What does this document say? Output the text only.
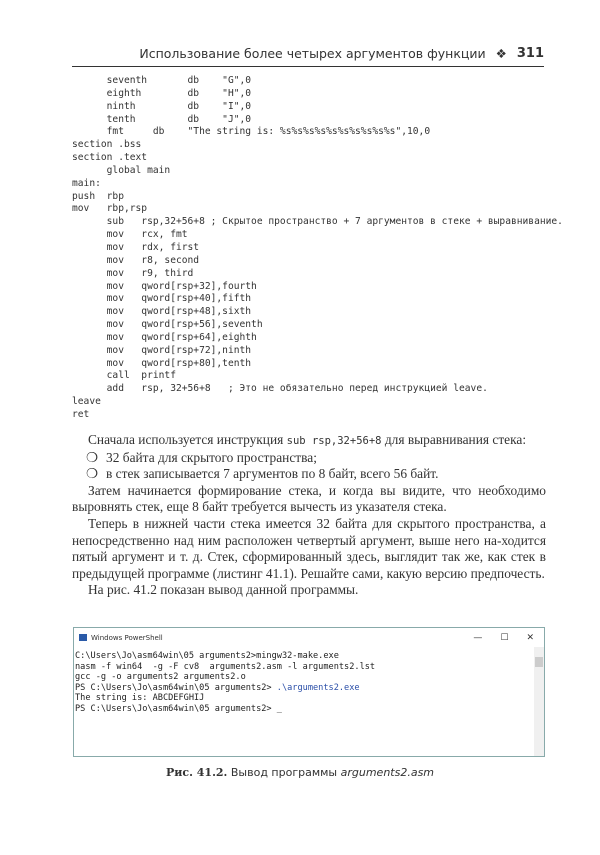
Использование более четырех аргументов функции ❖ 311
seventh       db    "G",0
eighth        db    "H",0
ninth         db    "I",0
tenth         db    "J",0
fmt     db    "The string is: %s%s%s%s%s%s%s%s%s%s",10,0
section .bss
section .text
global main
main:
push  rbp
mov   rbp,rsp
sub   rsp,32+56+8 ; Скрытое пространство + 7 аргументов в стеке + выравнивание.
mov   rcx, fmt
mov   rdx, first
mov   r8, second
mov   r9, third
mov   qword[rsp+32],fourth
mov   qword[rsp+40],fifth
mov   qword[rsp+48],sixth
mov   qword[rsp+56],seventh
mov   qword[rsp+64],eighth
mov   qword[rsp+72],ninth
mov   qword[rsp+80],tenth
call  printf
add   rsp, 32+56+8   ; Это не обязательно перед инструкцией leave.
leave
ret

Сначала используется инструкция sub rsp,32+56+8 для выравнивания стека:

❍ 32 байта для скрытого пространства;

❍ в стек записывается 7 аргументов по 8 байт, всего 56 байт.

Затем начинается формирование стека, и когда вы видите, что необходимо выровнять стек, еще 8 байт требуется вычесть из указателя стека.

Теперь в нижней части стека имеется 32 байта для скрытого пространства, а непосредственно над ним расположен четвертый аргумент, выше него на-ходится пятый аргумент и т. д. Стек, сформированный здесь, выглядит так же, как стек в предыдущей программе (листинг 41.1). Решайте сами, какую версию предпочесть.

На рис. 41.2 показан вывод данной программы.

Windows PowerShell	— ☐ ✕
C:\Users\Jo\asm64win\05 arguments2>mingw32-make.exe
nasm -f win64  -g -F cv8  arguments2.asm -l arguments2.lst
gcc -g -o arguments2 arguments2.o
PS C:\Users\Jo\asm64win\05 arguments2> .\arguments2.exe
The string is: ABCDEFGHIJ
PS C:\Users\Jo\asm64win\05 arguments2> _
Рис. 41.2. Вывод программы arguments2.asm
